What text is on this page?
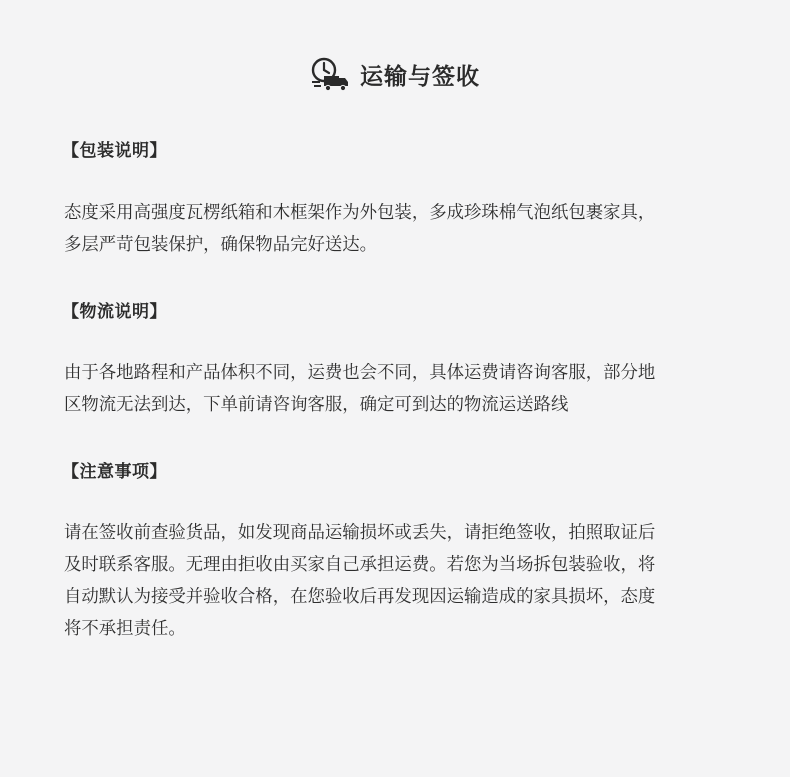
运输与签收
【包装说明】
态度采用高强度瓦楞纸箱和木框架作为外包装，多成珍珠棉气泡纸包裹家具，
多层严苛包装保护，确保物品完好送达。
【物流说明】
由于各地路程和产品体积不同，运费也会不同，具体运费请咨询客服，部分地
区物流无法到达，下单前请咨询客服，确定可到达的物流运送路线
【注意事项】
请在签收前查验货品，如发现商品运输损坏或丢失，请拒绝签收，拍照取证后
及时联系客服。无理由拒收由买家自己承担运费。若您为当场拆包装验收，将
自动默认为接受并验收合格，在您验收后再发现因运输造成的家具损坏，态度
将不承担责任。
